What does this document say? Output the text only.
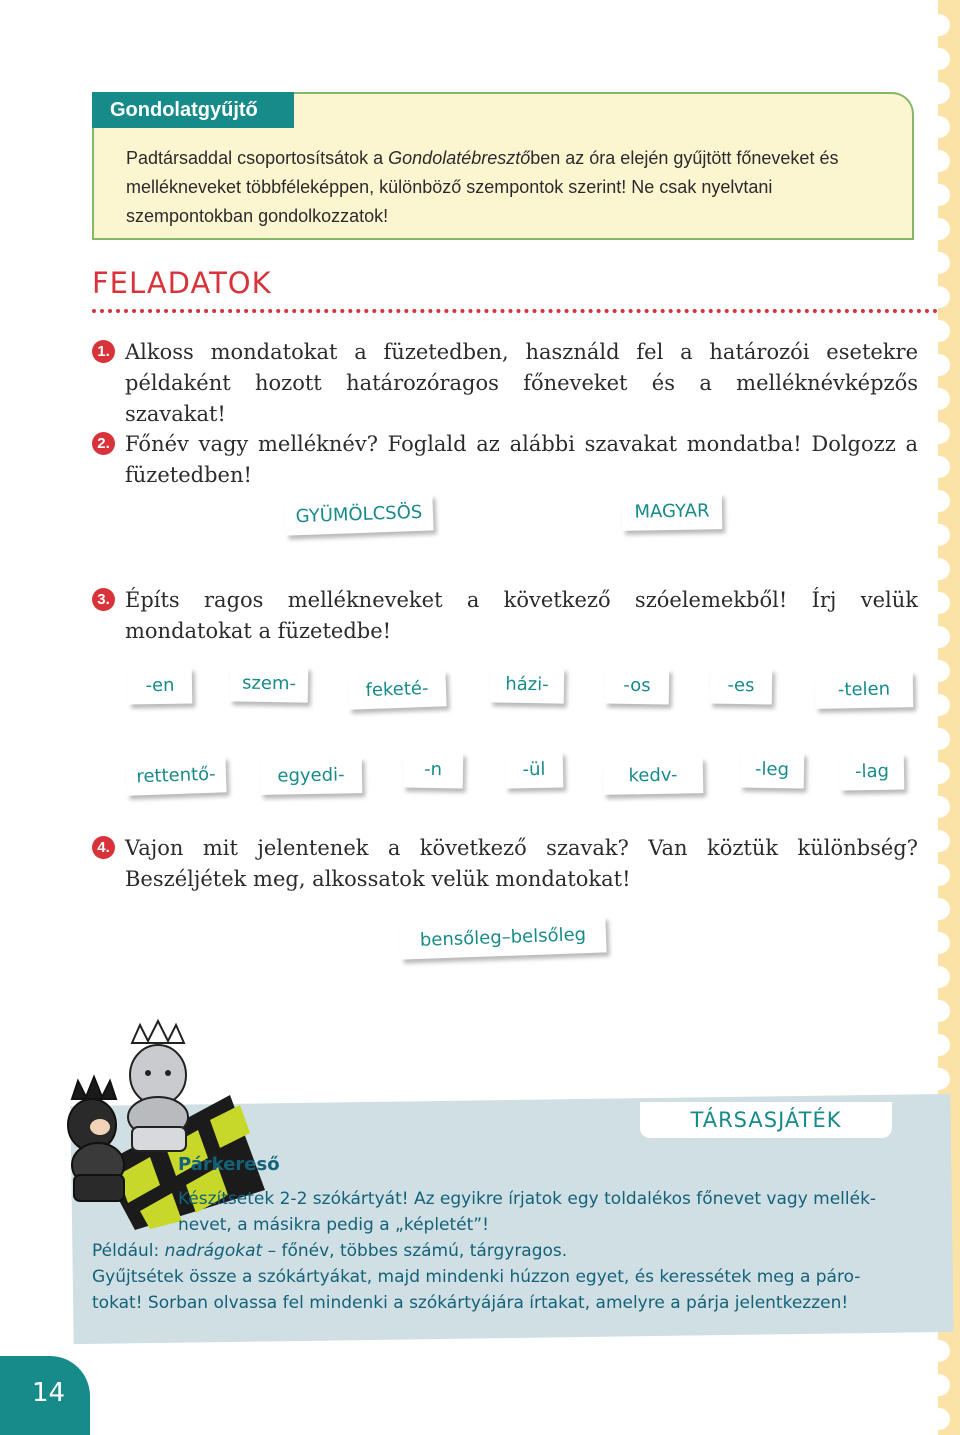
Gondolatgyűjtő

Padtársaddal csoportosítsátok a Gondolatébresztőben az óra elején gyűjtött főneveket és mellékneveket többféleképpen, különböző szempontok szerint! Ne csak nyelvtani szempontokban gondolkozzatok!

FELADATOK
1. Alkoss mondatokat a füzetedben, használd fel a határozói esetekre példaként hozott határozóragos főneveket és a melléknévképzős szavakat!

2. Főnév vagy melléknév? Foglald az alábbi szavakat mondatba! Dolgozz a füzetedben!

GYÜMÖLCSÖS	MAGYAR
3. Építs ragos mellékneveket a következő szóelemekből! Írj velük mondatokat a füzetedbe!

-en	szem-	feketé-	házi-	-os	-es	-telen
rettentő-	egyedi-	-n	-ül	kedv-	-leg	-lag
4. Vajon mit jelentenek a következő szavak? Van köztük különbség? Beszéljétek meg, alkossatok velük mondatokat!

bensőleg–belsőleg
TÁRSASJÁTÉK

Párkereső

Készítsetek 2-2 szókártyát! Az egyikre írjatok egy toldalékos főnevet vagy mellék-

nevet, a másikra pedig a „képletét”!

Például: nadrágokat – főnév, többes számú, tárgyragos.

Gyűjtsétek össze a szókártyákat, majd mindenki húzzon egyet, és keressétek meg a páro-

tokat! Sorban olvassa fel mindenki a szókártyájára írtakat, amelyre a párja jelentkezzen!

14
